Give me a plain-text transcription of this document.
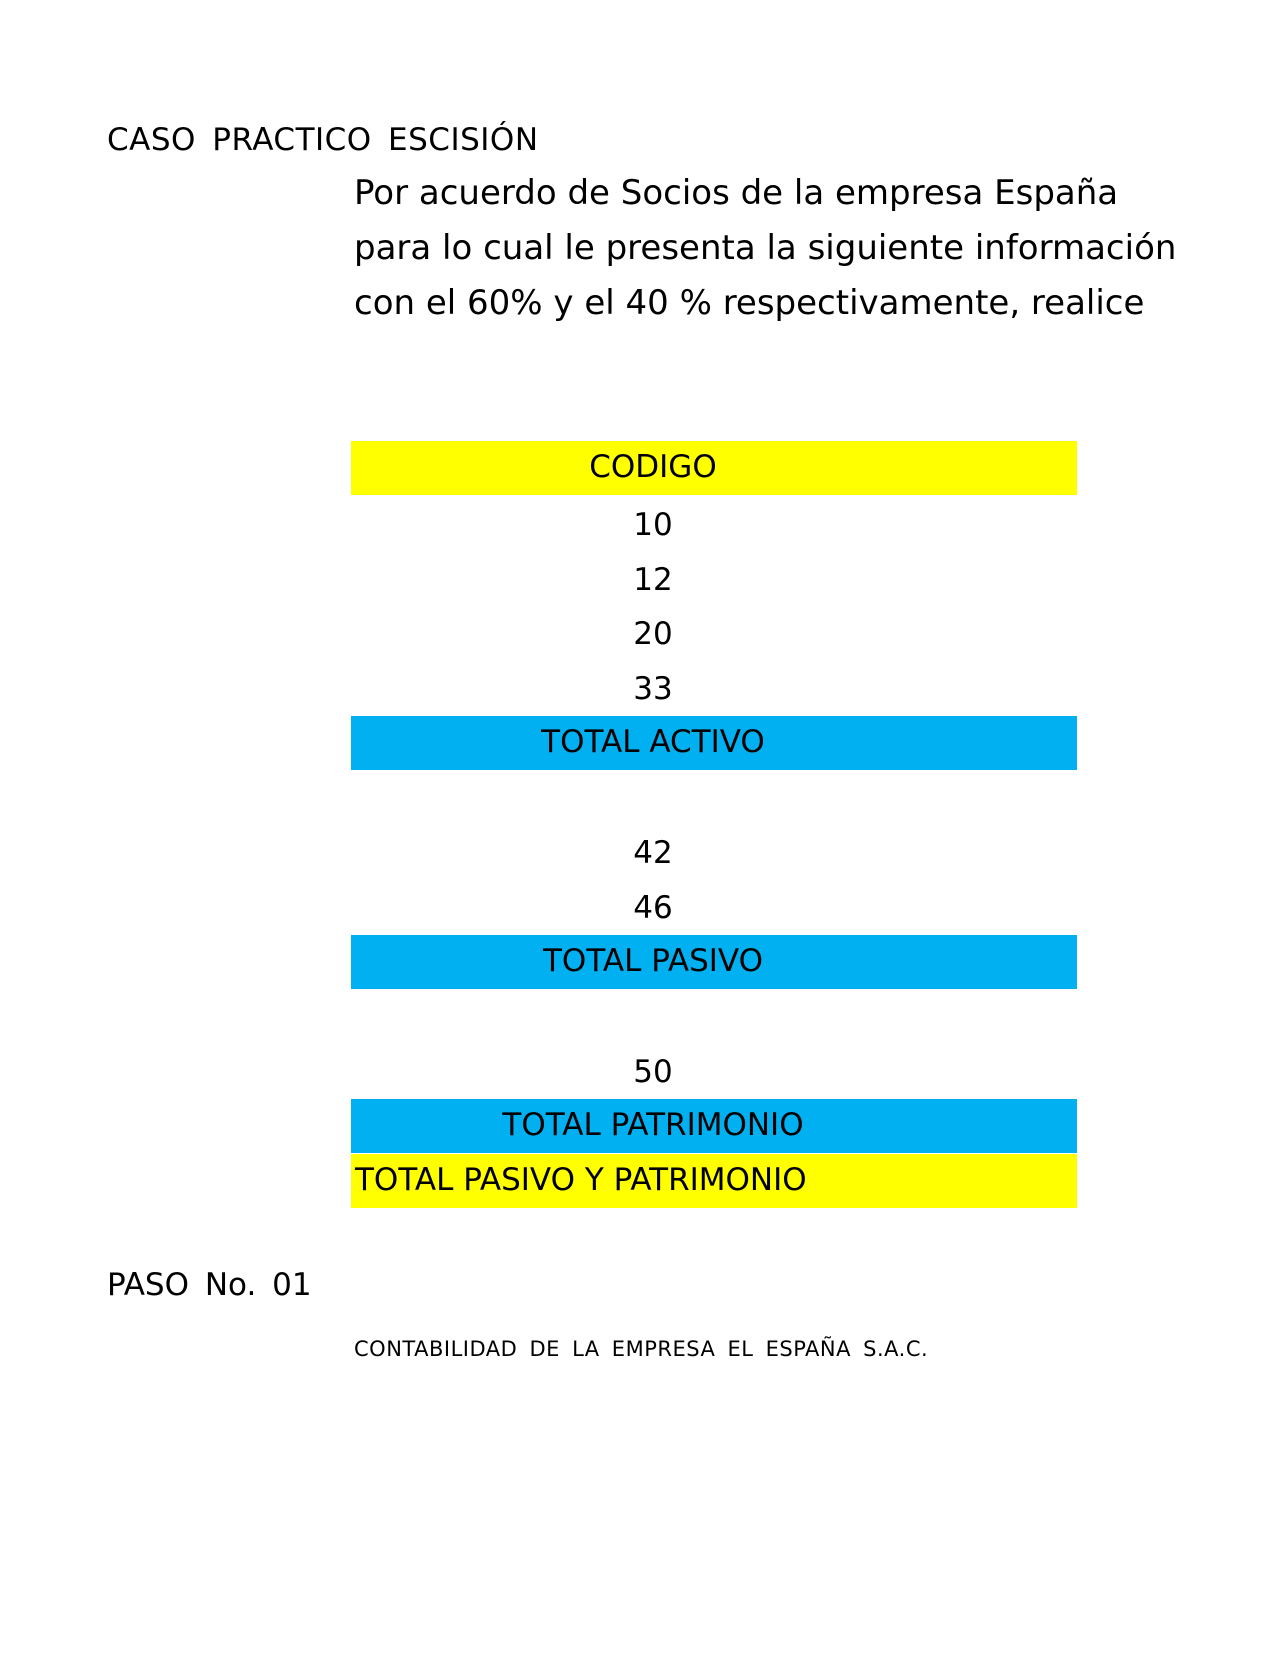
CASO PRACTICO ESCISIÓN
Por acuerdo de Socios de la empresa España
para lo cual le presenta la siguiente información
con el 60% y el 40 % respectivamente, realice
CODIGO
10
12
20
33
TOTAL ACTIVO
42
46
TOTAL PASIVO
50
TOTAL PATRIMONIO
TOTAL PASIVO Y PATRIMONIO
PASO No. 01
CONTABILIDAD DE LA EMPRESA EL ESPAÑA S.A.C.
